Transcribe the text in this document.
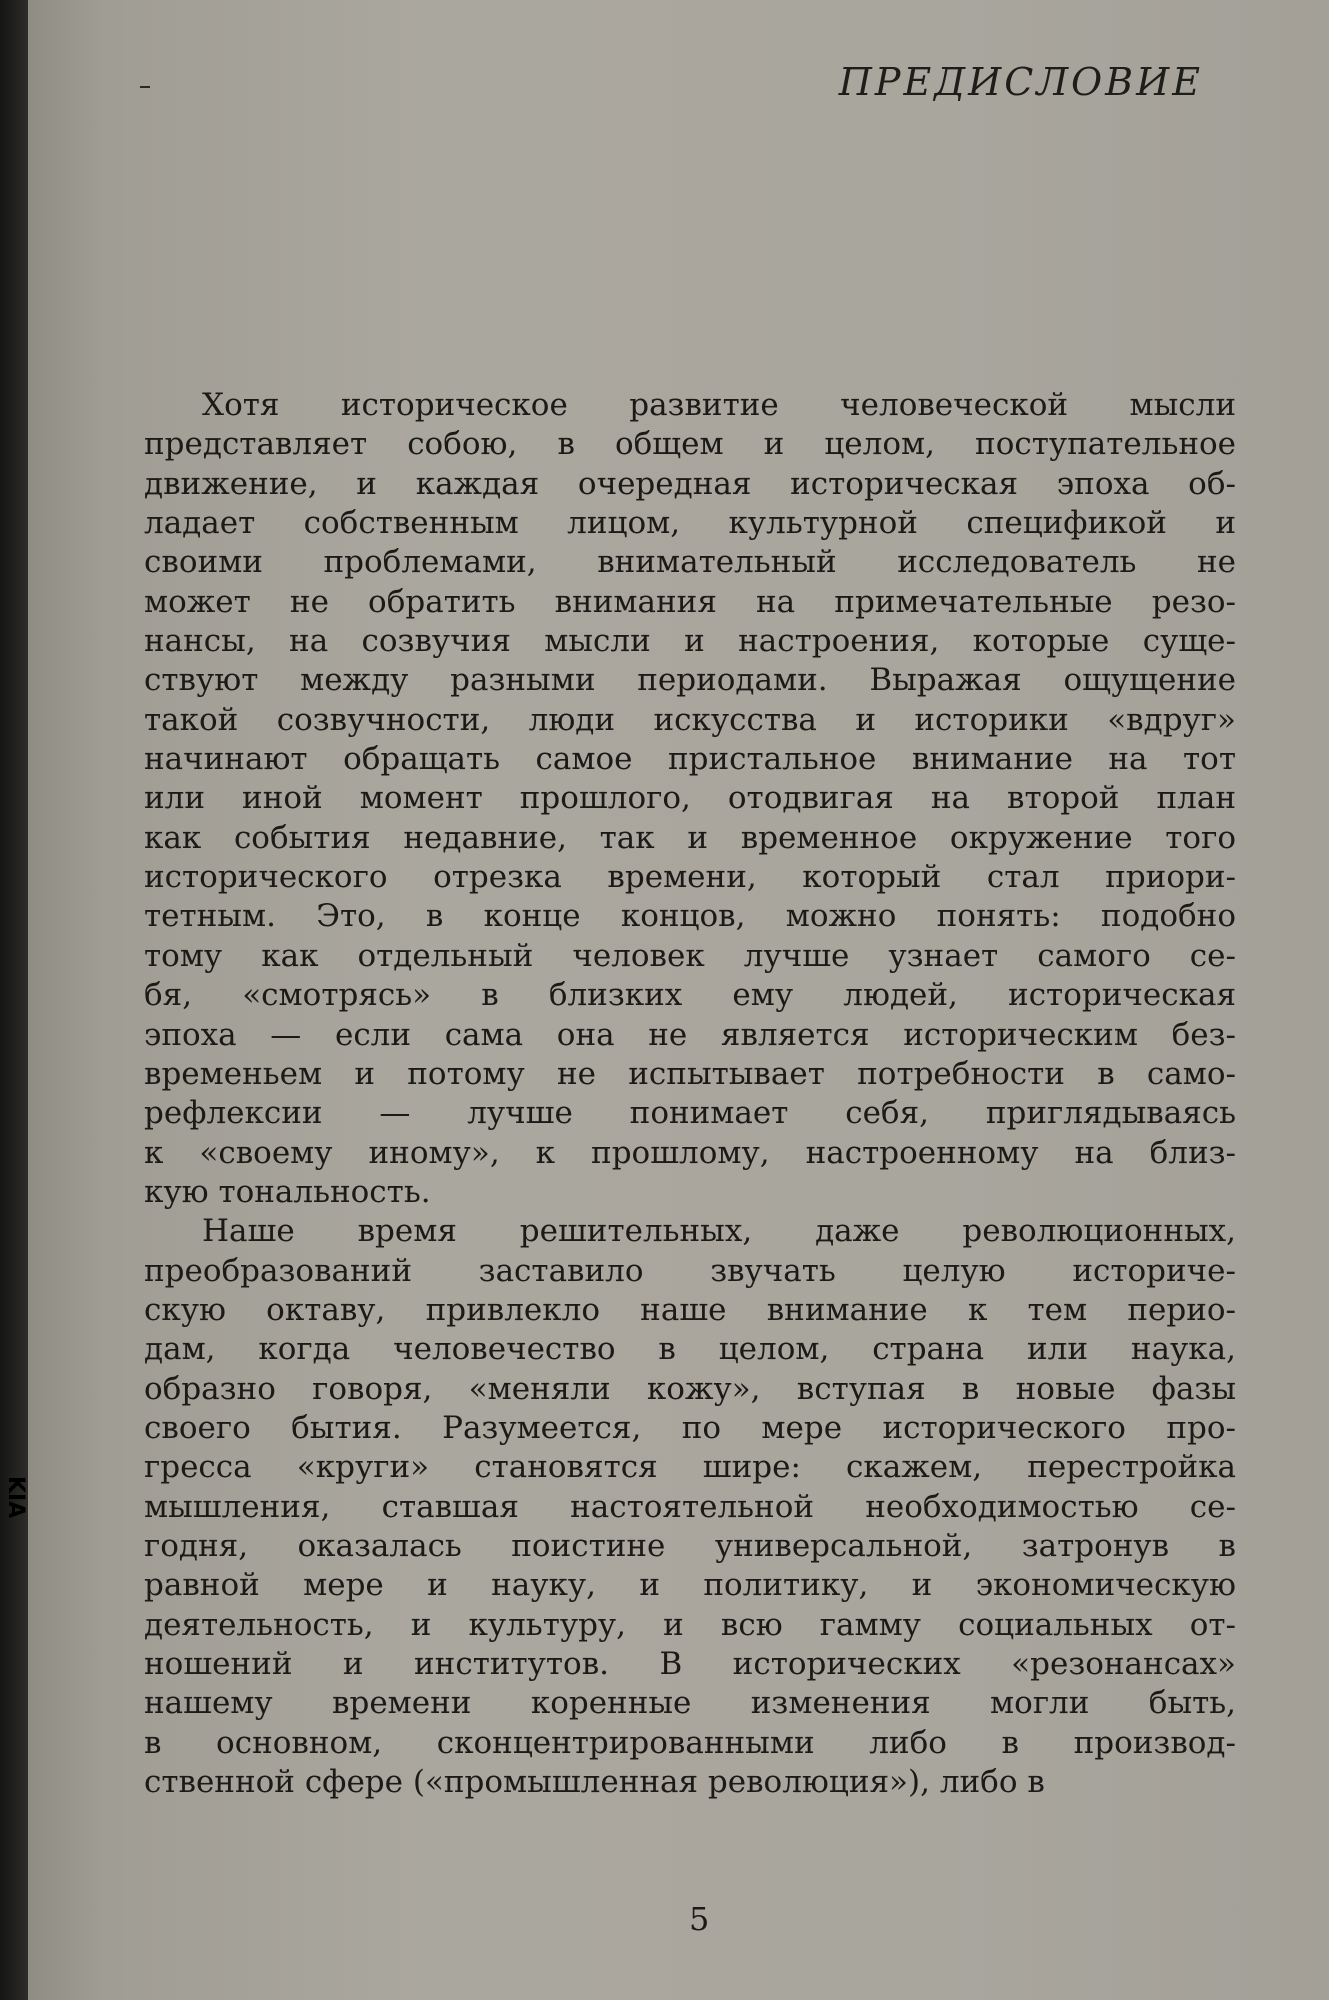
ПРЕДИСЛОВИЕ

Хотя историческое развитие человеческой мысли
представляет собою, в общем и целом, поступательное
движение, и каждая очередная историческая эпоха об-
ладает собственным лицом, культурной спецификой и
своими проблемами, внимательный исследователь не
может не обратить внимания на примечательные резо-
нансы, на созвучия мысли и настроения, которые суще-
ствуют между разными периодами. Выражая ощущение
такой созвучности, люди искусства и историки «вдруг»
начинают обращать самое пристальное внимание на тот
или иной момент прошлого, отодвигая на второй план
как события недавние, так и временное окружение того
исторического отрезка времени, который стал приори-
тетным. Это, в конце концов, можно понять: подобно
тому как отдельный человек лучше узнает самого се-
бя, «смотрясь» в близких ему людей, историческая
эпоха — если сама она не является историческим без-
временьем и потому не испытывает потребности в само-
рефлексии — лучше понимает себя, приглядываясь
к «своему иному», к прошлому, настроенному на близ-
кую тональность.

Наше время решительных, даже революционных,
преобразований заставило звучать целую историче-
скую октаву, привлекло наше внимание к тем перио-
дам, когда человечество в целом, страна или наука,
образно говоря, «меняли кожу», вступая в новые фазы
своего бытия. Разумеется, по мере исторического про-
гресса «круги» становятся шире: скажем, перестройка
мышления, ставшая настоятельной необходимостью се-
годня, оказалась поистине универсальной, затронув в
равной мере и науку, и политику, и экономическую
деятельность, и культуру, и всю гамму социальных от-
ношений и институтов. В исторических «резонансах»
нашему времени коренные изменения могли быть,
в основном, сконцентрированными либо в производ-
ственной сфере («промышленная революция»), либо в

5
KIA
